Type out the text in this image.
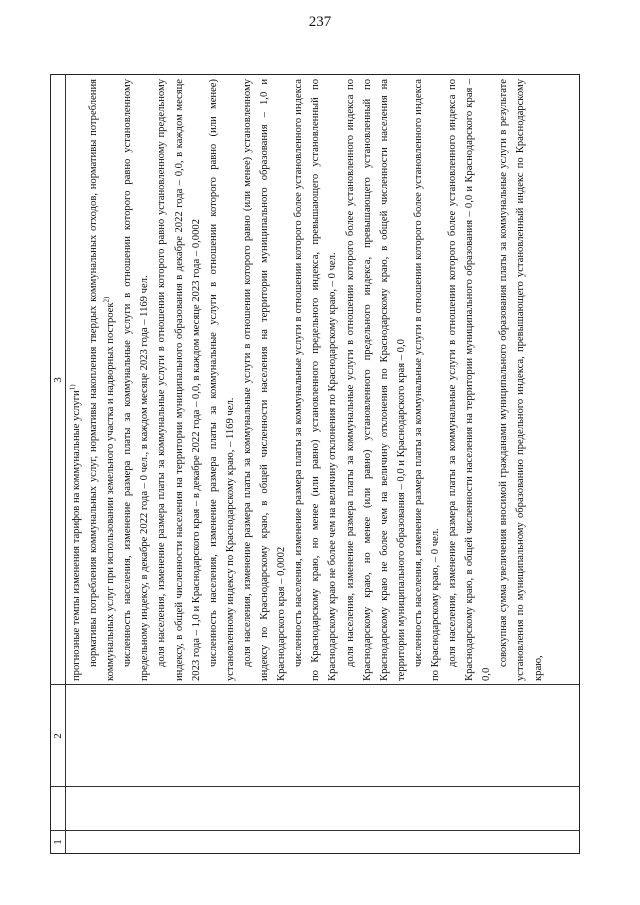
237
1
2
3

прогнозные темпы изменения тарифов на коммунальные услуги$^{1)}$	нормативы потребления коммунальных услуг, нормативы накопления твердых коммунальных отходов, нормативы потребления коммунальных услуг при использовании земельного участка и надворных построек$^{2)}$	численность населения, изменение размера платы за коммунальные услуги в отношении которого равно установленному предельному индексу, в декабре 2022 года – 0 чел., в каждом месяце 2023 года – 1169 чел. доля населения, изменение размера платы за коммунальные услуги в отношении которого равно установленному предельному индексу, в общей численности населения на территории муниципального образования в декабре 2022 года – 0,0, в каждом месяце 2023 года – 1,0 и Краснодарского края – в декабре 2022 года – 0,0, в каждом месяце 2023 года – 0,0002 численность населения, изменение размера платы за коммунальные услуги в отношении которого равно (или менее) установленному индексу по Краснодарскому краю, – 1169 чел. доля населения, изменение размера платы за коммунальные услуги в отношении которого равно (или менее) установленному индексу по Краснодарскому краю, в общей численности населения на территории муниципального образования – 1,0 и Краснодарского края – 0,0002 численность населения, изменение размера платы за коммунальные услуги в отношении которого более установленного индекса по Краснодарскому краю, но менее (или равно) установленного предельного индекса, превышающего установленный по Краснодарскому краю не более чем на величину отклонения по Краснодарскому краю, – 0 чел. доля населения, изменение размера платы за коммунальные услуги в отношении которого более установленного индекса по Краснодарскому краю, но менее (или равно) установленного предельного индекса, превышающего установленный по Краснодарскому краю не более чем на величину отклонения по Краснодарскому краю, в общей численности населения на территории муниципального образования – 0,0 и Краснодарского края – 0,0 численность населения, изменение размера платы за коммунальные услуги в отношении которого более установленного индекса по Краснодарскому краю, – 0 чел. доля населения, изменение размера платы за коммунальные услуги в отношении которого более установленного индекса по Краснодарскому краю, в общей численности населения на территории муниципального образования – 0,0 и Краснодарского края – 0,0

совокупная сумма увеличения вносимой гражданами муниципального образования платы за коммунальные услуги в результате установления по муниципальному образованию предельного индекса, превышающего установленный индекс по Краснодарскому краю,
